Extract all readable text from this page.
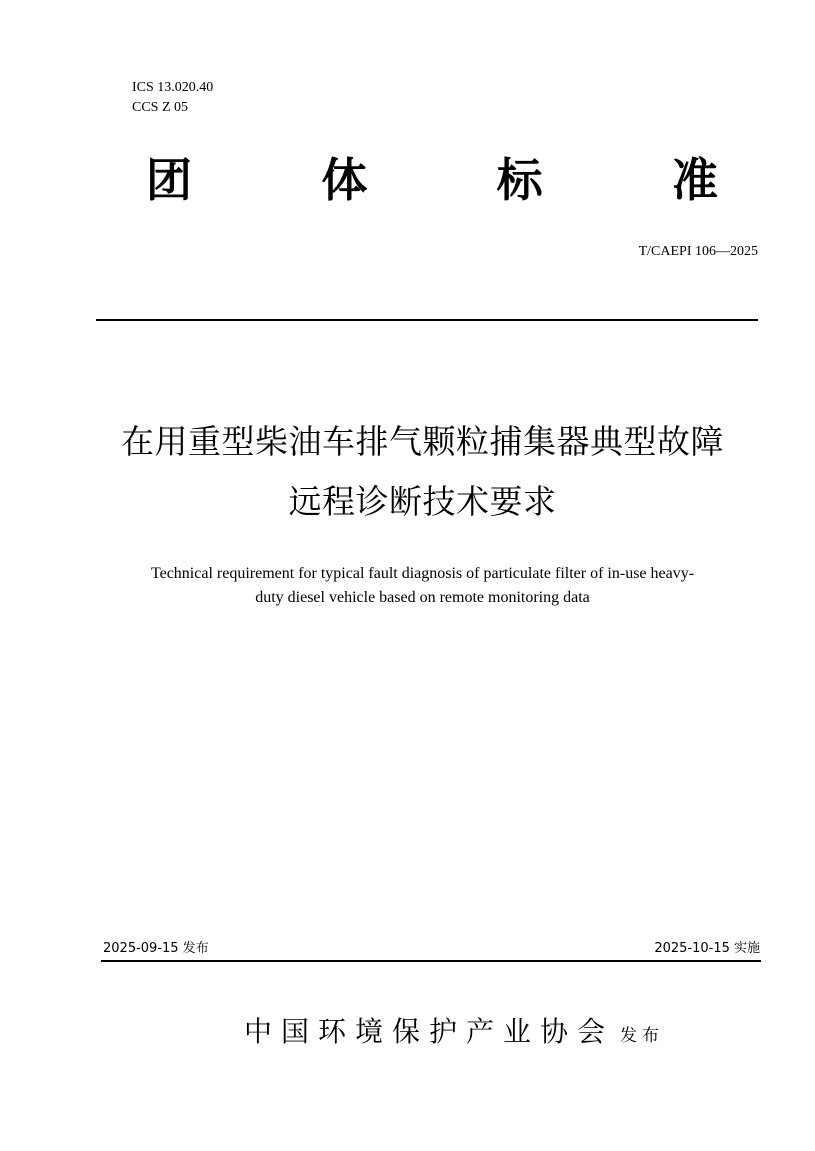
ICS 13.020.40
CCS Z 05
团	体	标	准
T/CAEPI 106—2025
在用重型柴油车排气颗粒捕集器典型故障
远程诊断技术要求
Technical requirement for typical fault diagnosis of particulate filter of in-use heavy-
duty diesel vehicle based on remote monitoring data
2025-09-15 发布	2025-10-15 实施
中国环境保护产业协会 发布
